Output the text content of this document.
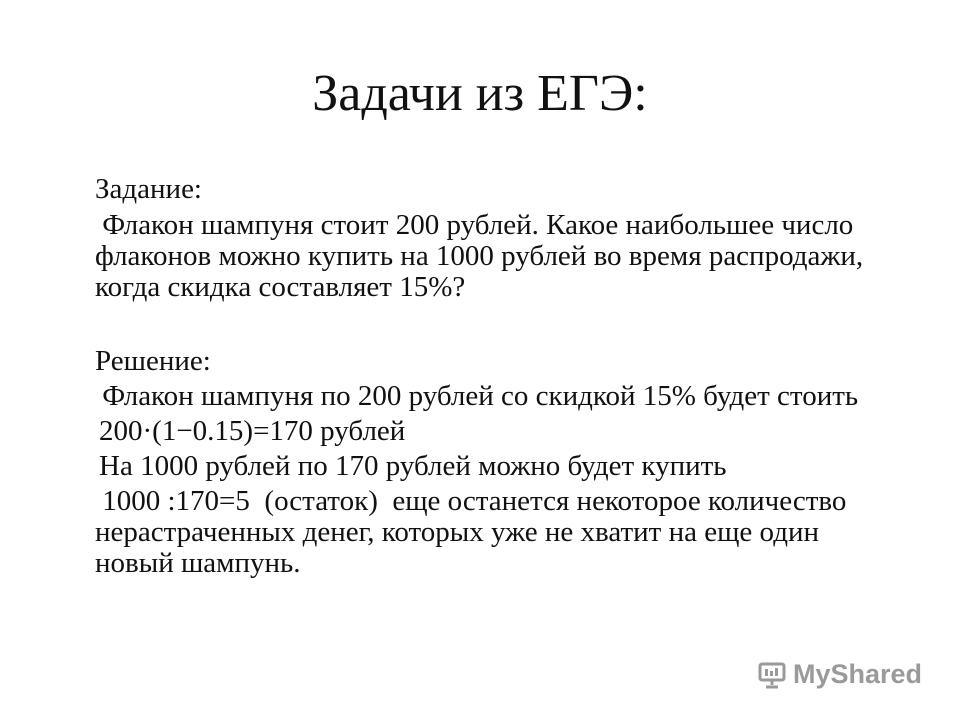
Задачи из ЕГЭ:

Задание:

Флакон шампуня стоит 200 рублей. Какое наибольшее число флаконов можно купить на 1000 рублей во время распродажи, когда скидка составляет 15%?

Решение:

Флакон шампуня по 200 рублей со скидкой 15% будет стоить

200·(1−0.15)=170 рублей

На 1000 рублей по 170 рублей можно будет купить

1000 :170=5  (остаток)  еще останется некоторое количество нерастраченных денег, которых уже не хватит на еще один новый шампунь.

MyShared
